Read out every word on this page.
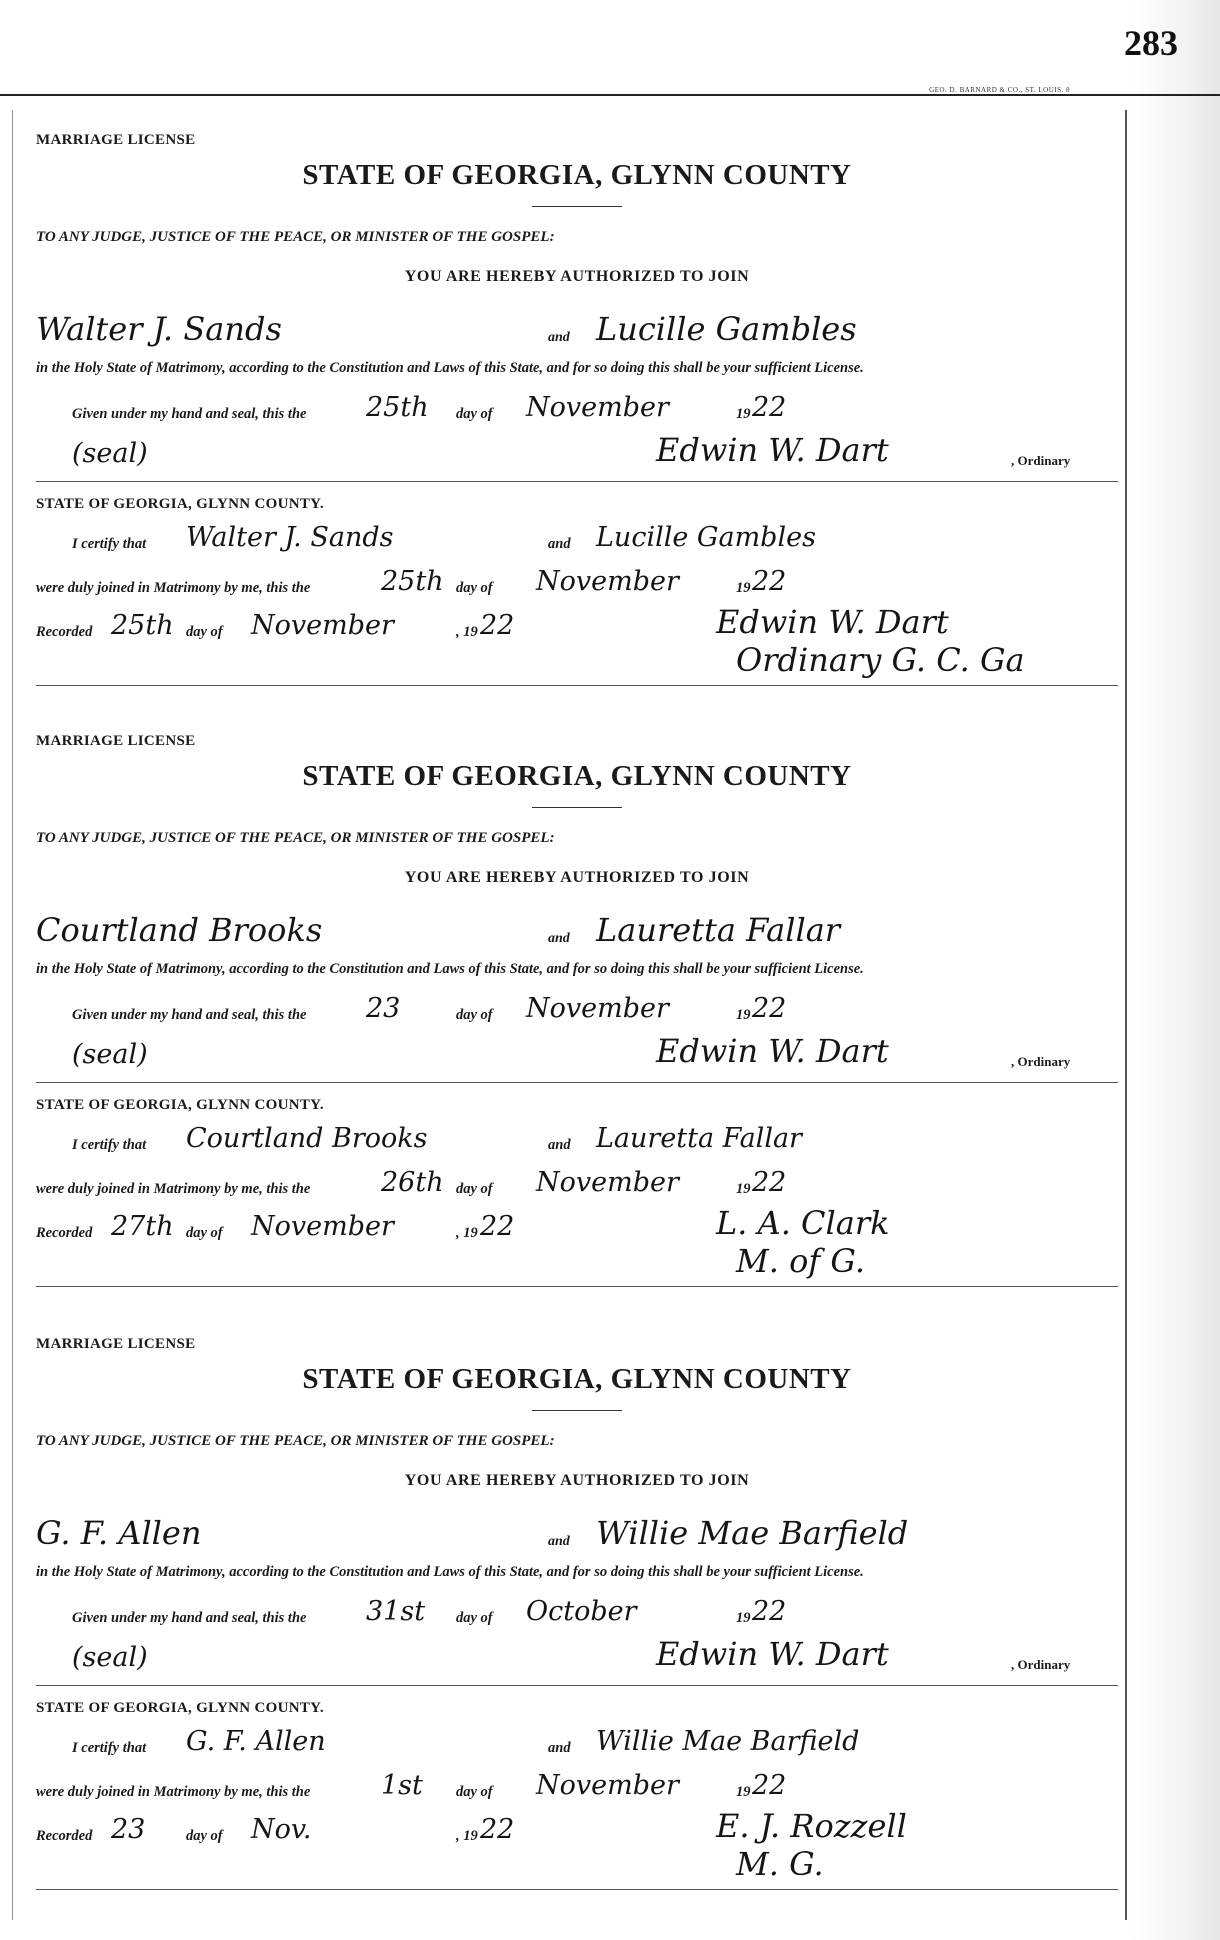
283
GEO. D. BARNARD & CO., ST. LOUIS. 8
MARRIAGE LICENSE
STATE OF GEORGIA, GLYNN COUNTY
TO ANY JUDGE, JUSTICE OF THE PEACE, OR MINISTER OF THE GOSPEL:
YOU ARE HEREBY AUTHORIZED TO JOIN
Walter J. Sands	and Lucille Gambles
in the Holy State of Matrimony, according to the Constitution and Laws of this State, and for so doing this shall be your sufficient License.
Given under my hand and seal, this the 25th day of November	19 22
(seal)	Edwin W. Dart	, Ordinary
STATE OF GEORGIA, GLYNN COUNTY.
I certify that Walter J. Sands	and Lucille Gambles
were duly joined in Matrimony by me, this the	25th day of November	19 22
Recorded 25th day of November	, 19 22	Edwin W. Dart
Ordinary G. C. Ga
MARRIAGE LICENSE
STATE OF GEORGIA, GLYNN COUNTY
TO ANY JUDGE, JUSTICE OF THE PEACE, OR MINISTER OF THE GOSPEL:
YOU ARE HEREBY AUTHORIZED TO JOIN
Courtland Brooks	and Lauretta Fallar
in the Holy State of Matrimony, according to the Constitution and Laws of this State, and for so doing this shall be your sufficient License.
Given under my hand and seal, this the 23	day of November	19 22
(seal)	Edwin W. Dart	, Ordinary
STATE OF GEORGIA, GLYNN COUNTY.
I certify that Courtland Brooks	and Lauretta Fallar
were duly joined in Matrimony by me, this the	26th day of November	19 22
Recorded 27th day of November	, 19 22	L. A. Clark
M. of G.
MARRIAGE LICENSE
STATE OF GEORGIA, GLYNN COUNTY
TO ANY JUDGE, JUSTICE OF THE PEACE, OR MINISTER OF THE GOSPEL:
YOU ARE HEREBY AUTHORIZED TO JOIN
G. F. Allen	and Willie Mae Barfield
in the Holy State of Matrimony, according to the Constitution and Laws of this State, and for so doing this shall be your sufficient License.
Given under my hand and seal, this the 31st day of October	19 22
(seal)	Edwin W. Dart	, Ordinary
STATE OF GEORGIA, GLYNN COUNTY.
I certify that G. F. Allen	and Willie Mae Barfield
were duly joined in Matrimony by me, this the	1st day of November	19 22
Recorded 23	day of Nov.	, 19 22	E. J. Rozzell
M. G.
